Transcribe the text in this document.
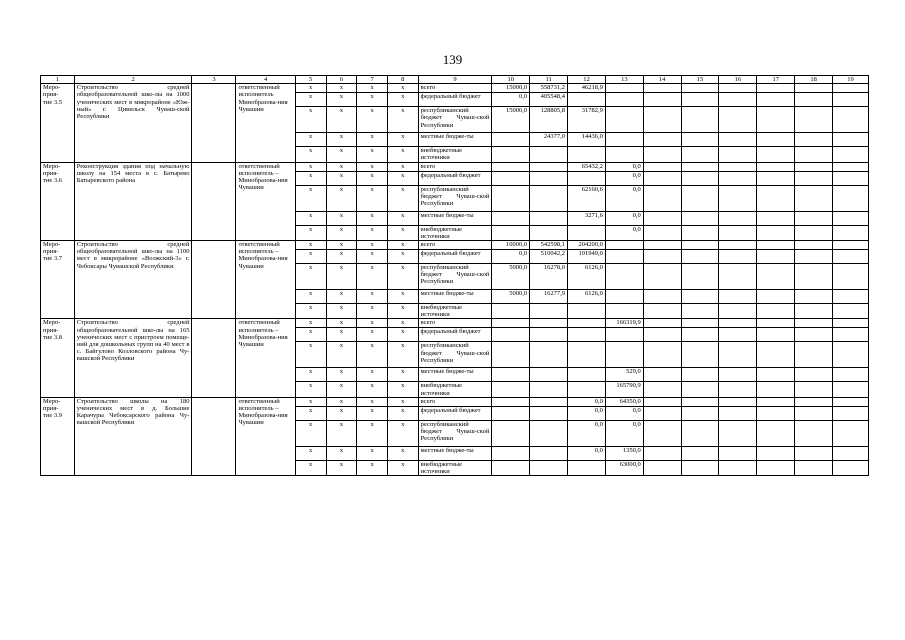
139
1	2	3	4	5	6	7	8	9	10	11	12	13	14	15	16	17	18	19
Меро-
прия-
тие 3.5	Строительство средней общеобразовательной шко-лы на 1000 ученических мест в микрорайоне «Юж-ный» г. Цивильск Чуваш-ской Республики		ответственный исполнитель Минобразова-ния Чувашии	x	x	x	x	всего	15000,0	558731,2	46218,9							
				x	x	x	x	федеральный бюджет	0,0	405548,4								
				x	x	x	x	республиканский бюджет Чуваш-ской Республики	15000,0	128805,8	31782,9							
				x	x	x	x	местные бюдже-ты		24377,0	14436,0							
				x	x	x	x	внебюджетные источники										
Меро-
прия-
тие 3.6	Реконструкция здания под начальную школу на 154 места в с. Батырево Батыревского района		ответственный исполнитель – Минобразова-ния Чувашии	x	x	x	x	всего			65432,2	0,0						
				x	x	x	x	федеральный бюджет				0,0						
				x	x	x	x	республиканский бюджет Чуваш-ской Республики			62160,6	0,0						
				x	x	x	x	местные бюдже-ты			3271,6	0,0						
				x	x	x	x	внебюджетные источники				0,0						
Меро-
прия-
тие 3.7	Строительство средней общеобразовательной шко-лы на 1100 мест в микрорайоне «Волжский-3» г. Чебоксары Чувашской Республики		ответственный исполнитель – Минобразова-ния Чувашии	x	x	x	x	всего	10000,0	542598,1	204200,0							
				x	x	x	x	федеральный бюджет	0,0	510042,2	191949,0							
				x	x	x	x	республиканский бюджет Чуваш-ской Республики	5000,0	16278,0	6126,0							
				x	x	x	x	местные бюдже-ты	5000,0	16277,9	6126,0							
				x	x	x	x	внебюджетные источники										
Меро-
прия-
тие 3.8	Строительство средней общеобразовательной шко-лы на 165 ученических мест с пристроем помеще-ний для дошкольных групп на 40 мест в с. Байгулово Козловского района Чу-вашской Республики		ответственный исполнитель – Минобразова-ния Чувашии	x	x	x	x	всего				166319,9						
				x	x	x	x	федеральный бюджет										
				x	x	x	x	республиканский бюджет Чуваш-ской Республики										
				x	x	x	x	местные бюдже-ты				529,0						
				x	x	x	x	внебюджетные источники				165790,9						
Меро-
прия-
тие 3.9	Строительство школы на 180 ученических мест в д. Большие Карачуры Чебоксарского района Чу-вашской Республики		ответственный исполнитель – Минобразова-ния Чувашии	x	x	x	x	всего			0,0	64350,0						
				x	x	x	x	федеральный бюджет			0,0	0,0						
				x	x	x	x	республиканский бюджет Чуваш-ской Республики			0,0	0,0						
				x	x	x	x	местные бюдже-ты			0,0	1350,0						
				x	x	x	x	внебюджетные источники				63000,0						
